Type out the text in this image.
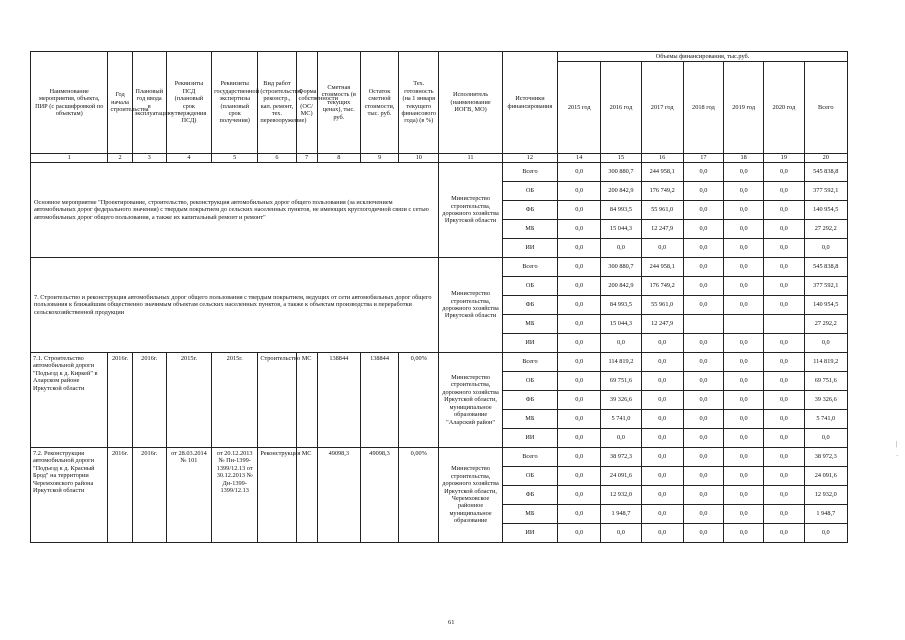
Наименование мероприятия, объекта, ПИР (с расшифровкой по объектам)	Год начала строительства	Плановый год ввода в эксплуатацию	Реквизиты ПСД (плановый срок утверждения ПСД)	Реквизиты государственной экспертизы (плановый срок получения)	Вид работ (строительство, реконстр., кап. ремонт, тех. перевооружение)	Форма собственности (ОС/МС)	Сметная стоимость (в текущих ценах), тыс. руб.	Остаток сметной стоимости, тыс. руб.	Тех. готовность (на 1 января текущего финансового года) (в %)	Исполнитель (наименование ИОГВ, МО)	Источники финансирования	Объемы финансирования, тыс.руб.						
												2015 год	2016 год	2017 год	2018 год	2019 год	2020 год	Всего
1	2	3	4	5	6	7	8	9	10	11	12	14	15	16	17	18	19	20
Основное мероприятие "Проектирование, строительство, реконструкция автомобильных дорог общего пользования (за исключением автомобильных дорог федерального значения) с твердым покрытием до сельских населенных пунктов, не имеющих круглогодичной связи с сетью автомобильных дорог общего пользования, а также их капитальный ремонт и ремонт"										Министерство строительства, дорожного хозяйства Иркутской области	Всего	0,0	300 880,7	244 958,1	0,0	0,0	0,0	545 838,8
											ОБ	0,0	200 842,9	176 749,2	0,0	0,0	0,0	377 592,1
											ФБ	0,0	84 993,5	55 961,0	0,0	0,0	0,0	140 954,5
											МБ	0,0	15 044,3	12 247,9	0,0	0,0	0,0	27 292,2
											ИИ	0,0	0,0	0,0	0,0	0,0	0,0	0,0
7. Строительство и реконструкция автомобильных дорог общего пользования с твердым покрытием, ведущих от сети автомобильных дорог общего пользования к ближайшим общественно значимым объектам сельских населенных пунктов, а также к объектам производства и переработки сельскохозяйственной продукции										Министерство строительства, дорожного хозяйства Иркутской области	Всего	0,0	300 880,7	244 958,1	0,0	0,0	0,0	545 838,8
											ОБ	0,0	200 842,9	176 749,2	0,0	0,0	0,0	377 592,1
											ФБ	0,0	84 993,5	55 961,0	0,0	0,0	0,0	140 954,5
											МБ	0,0	15 044,3	12 247,9				27 292,2
											ИИ	0,0	0,0	0,0	0,0	0,0	0,0	0,0
7.1. Строительство автомобильной дороги "Подъезд к д. Киркей" в Аларском районе Иркутской области	2016г.	2016г.	2015г.	2015г.	Строительство	МС	138844	138844	0,00%	Министерство строительства, дорожного хозяйства Иркутской области, муниципальное образование "Аларский район"	Всего	0,0	114 819,2	0,0	0,0	0,0	0,0	114 819,2
											ОБ	0,0	69 751,6	0,0	0,0	0,0	0,0	69 751,6
											ФБ	0,0	39 326,6	0,0	0,0	0,0	0,0	39 326,6
											МБ	0,0	5 741,0	0,0	0,0	0,0	0,0	5 741,0
											ИИ	0,0	0,0	0,0	0,0	0,0	0,0	0,0
7.2. Реконструкция автомобильной дороги "Подъезд к д. Красный Брод" на территории Черемховского района Иркутской области	2016г.	2016г.	от 28.03.2014 № 101	от 20.12.2013 № Пн-1399-1399/12.13 от 30.12.2013 № Дн-1399-1399/12.13	Реконструкция	МС	49098,3	49098,3	0,00%	Министерство строительства, дорожного хозяйства Иркутской области, Черемховское районное муниципальное образование	Всего	0,0	38 972,3	0,0	0,0	0,0	0,0	38 972,3
											ОБ	0,0	24 091,6	0,0	0,0	0,0	0,0	24 091,6
											ФБ	0,0	12 932,0	0,0	0,0	0,0	0,0	12 932,0
											МБ	0,0	1 948,7	0,0	0,0	0,0	0,0	1 948,7
											ИИ	0,0	0,0	0,0	0,0	0,0	0,0	0,0
61
|
·
